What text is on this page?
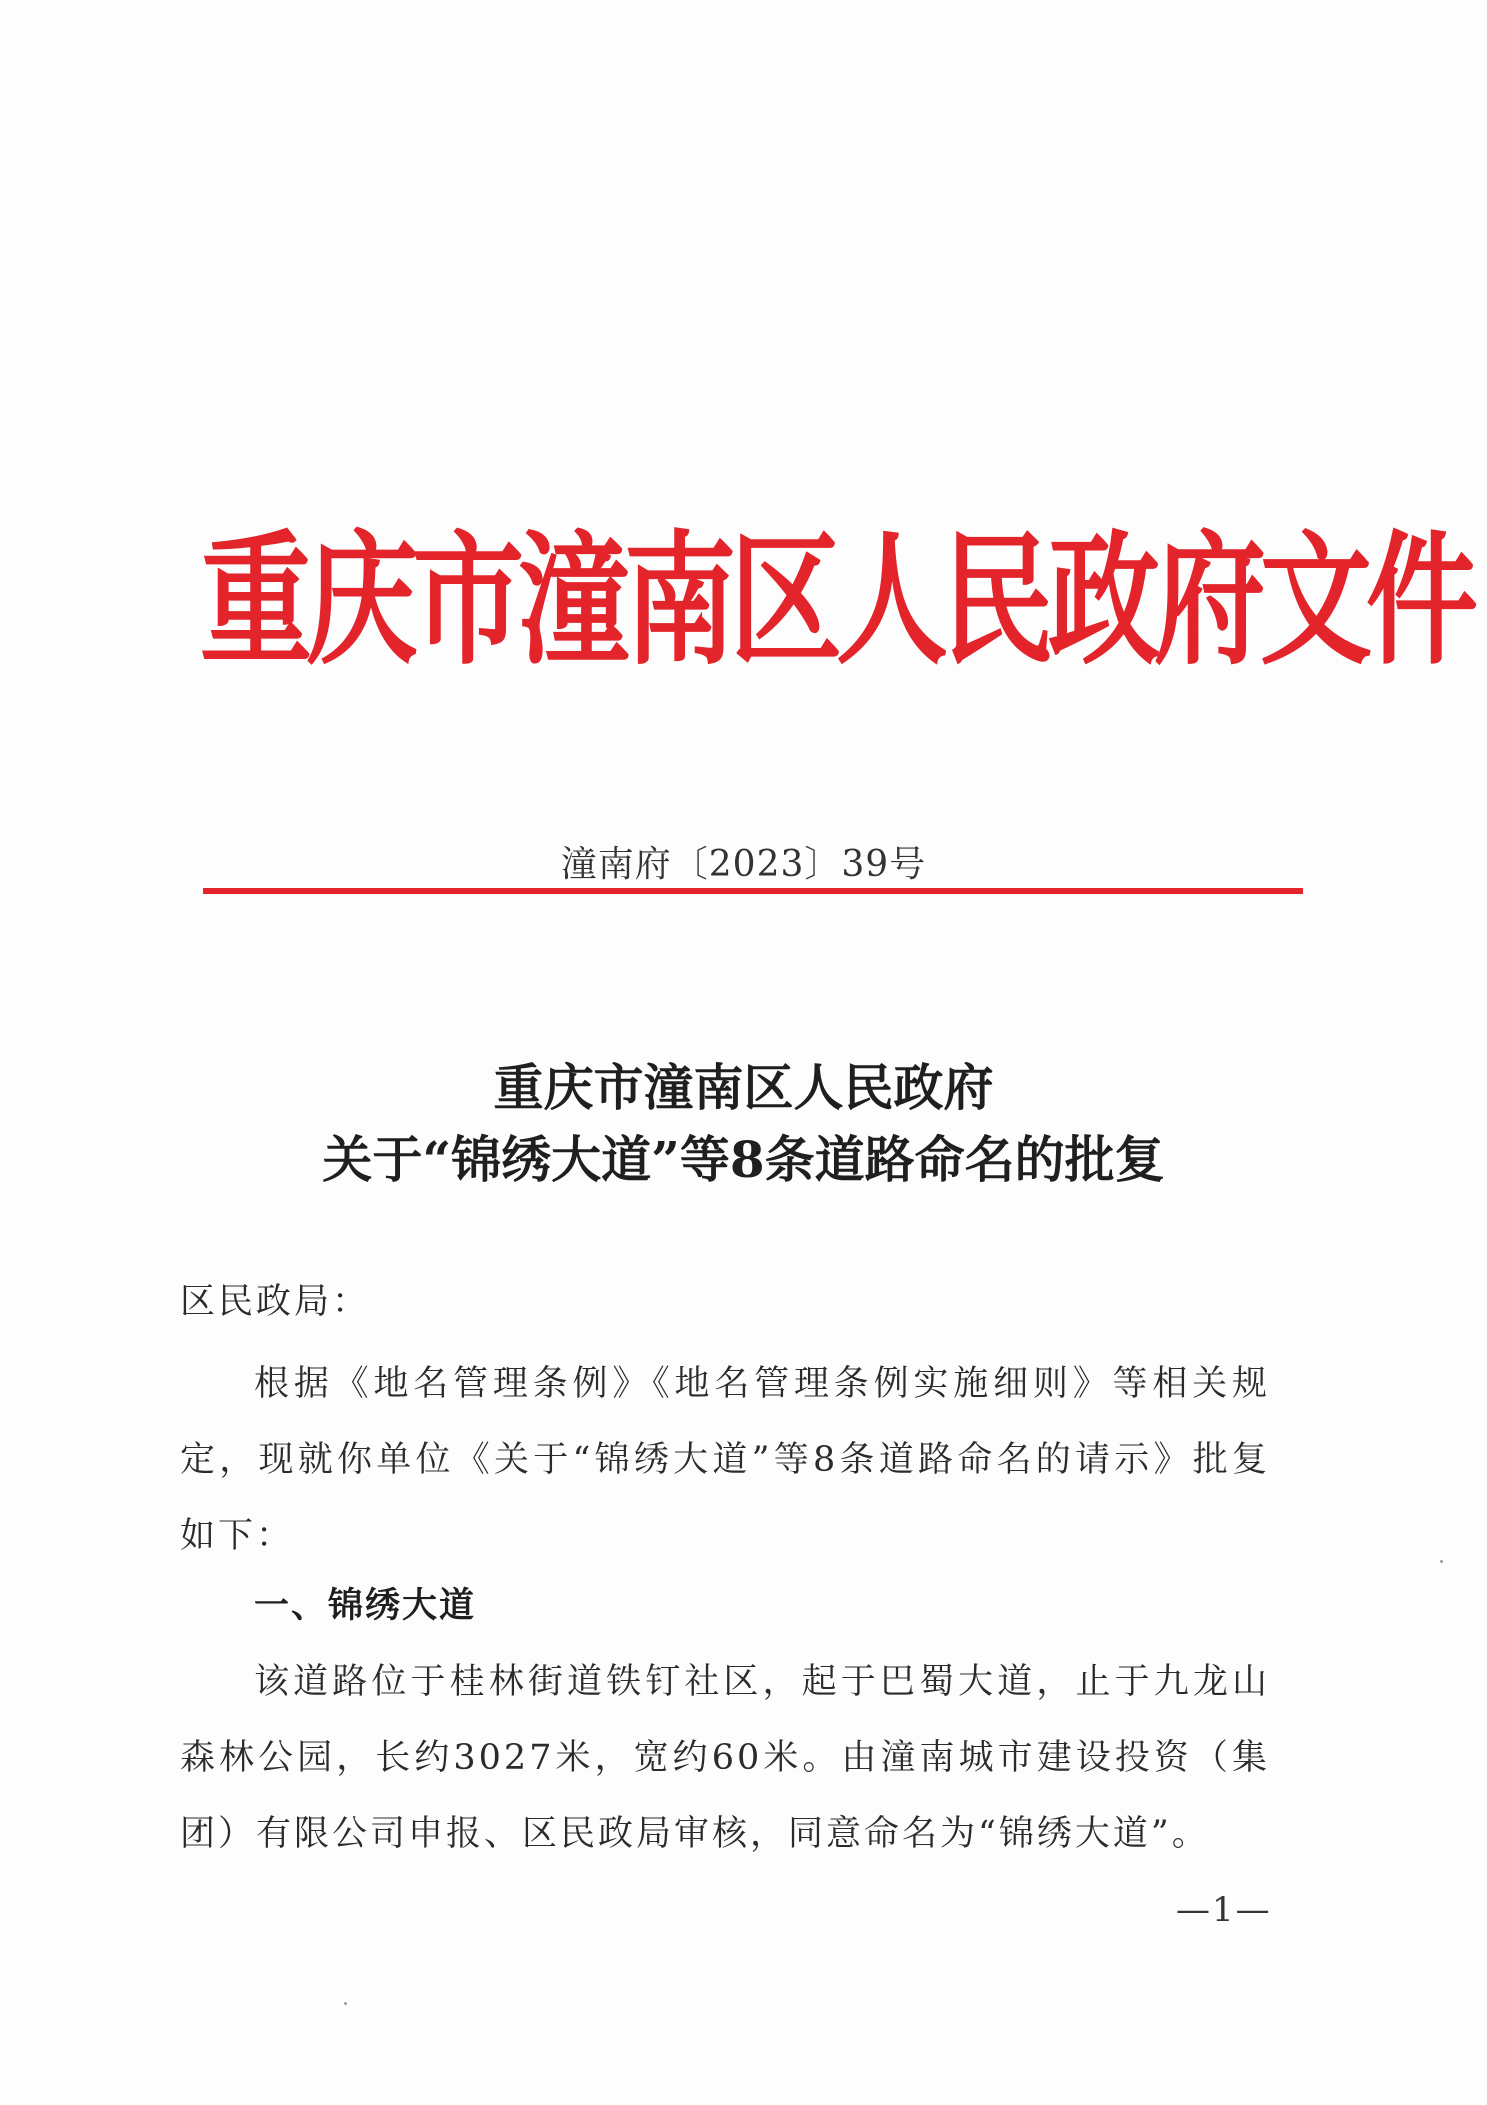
重庆市潼南区人民政府文件
潼南府〔2023〕39号
重庆市潼南区人民政府
关于“锦绣大道”等8条道路命名的批复
区民政局：
根据《地名管理条例》《地名管理条例实施细则》等相关规定，现就你单位《关于“锦绣大道”等8条道路命名的请示》批复如下：
一、锦绣大道
该道路位于桂林街道铁钉社区，起于巴蜀大道，止于九龙山森林公园，长约3027米，宽约60米。由潼南城市建设投资（集团）有限公司申报、区民政局审核，同意命名为“锦绣大道”。
—1—
